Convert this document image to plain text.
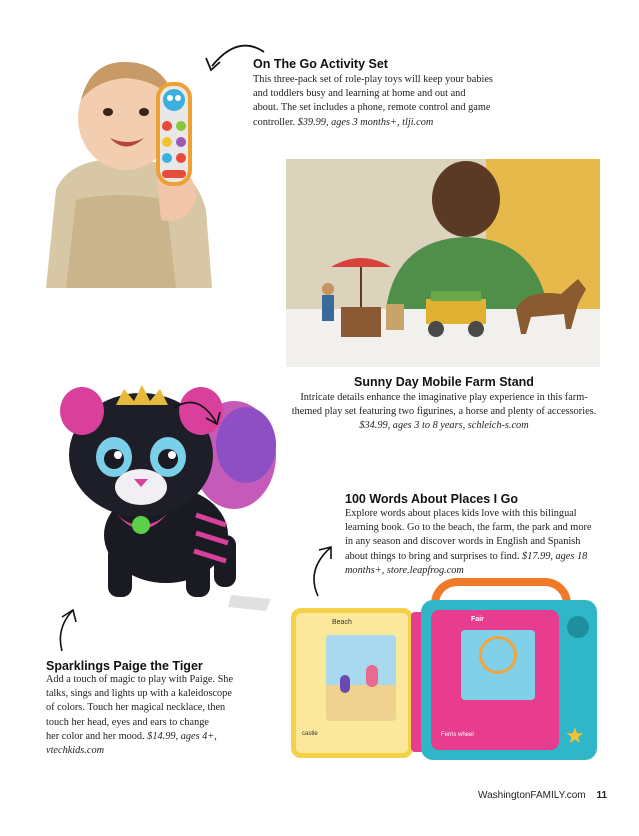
On The Go Activity Set
This three-pack set of role-play toys will keep your babies
and toddlers busy and learning at home and out and
about. The set includes a phone, remote control and game
controller. $39.99, ages 3 months+, tlji.com
Sunny Day Mobile Farm Stand
Intricate details enhance the imaginative play experience in this farm-
themed play set featuring two figurines, a horse and plenty of accessories.
$34.99, ages 3 to 8 years, schleich-s.com
Sparklings Paige the Tiger
Add a touch of magic to play with Paige. She
talks, sings and lights up with a kaleidoscope
of colors. Touch her magical necklace, then
touch her head, eyes and ears to change
her color and her mood. $14.99, ages 4+,
vtechkids.com
100 Words About Places I Go
Explore words about places kids love with this bilingual
learning book. Go to the beach, the farm, the park and more
in any season and discover words in English and Spanish
about things to bring and surprises to find. $17.99, ages 18
months+, store.leapfrog.com
Beach
castle
Fair
Ferris wheel	★
WashingtonFAMILY.com 11
